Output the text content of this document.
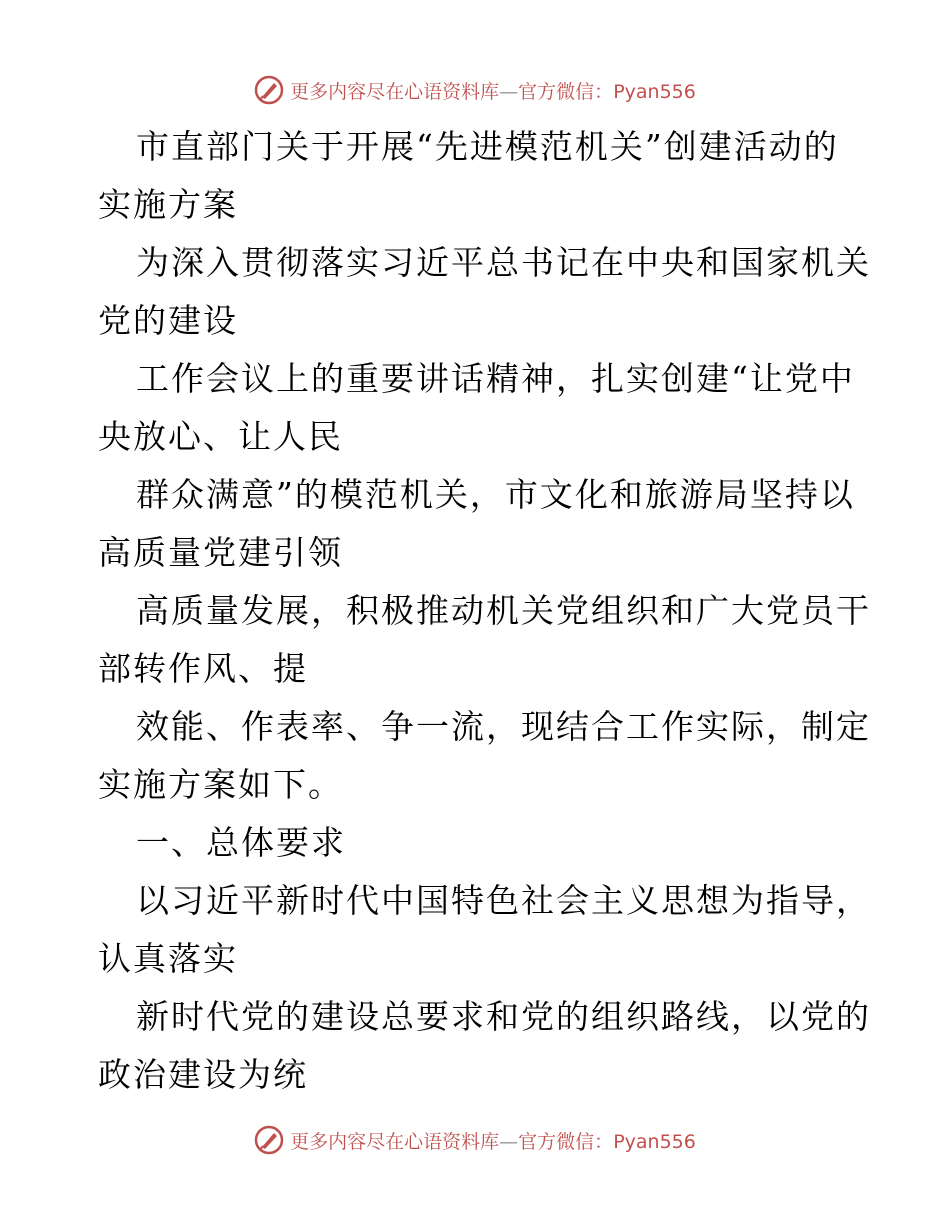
更多内容尽在心语资料库—官方微信：Pyan556
市直部门关于开展“先进模范机关”创建活动的
实施方案
为深入贯彻落实习近平总书记在中央和国家机关
党的建设
工作会议上的重要讲话精神，扎实创建“让党中
央放心、让人民
群众满意”的模范机关，市文化和旅游局坚持以
高质量党建引领
高质量发展，积极推动机关党组织和广大党员干
部转作风、提
效能、作表率、争一流，现结合工作实际，制定
实施方案如下。
一、总体要求
以习近平新时代中国特色社会主义思想为指导，
认真落实
新时代党的建设总要求和党的组织路线，以党的
政治建设为统
更多内容尽在心语资料库—官方微信：Pyan556
